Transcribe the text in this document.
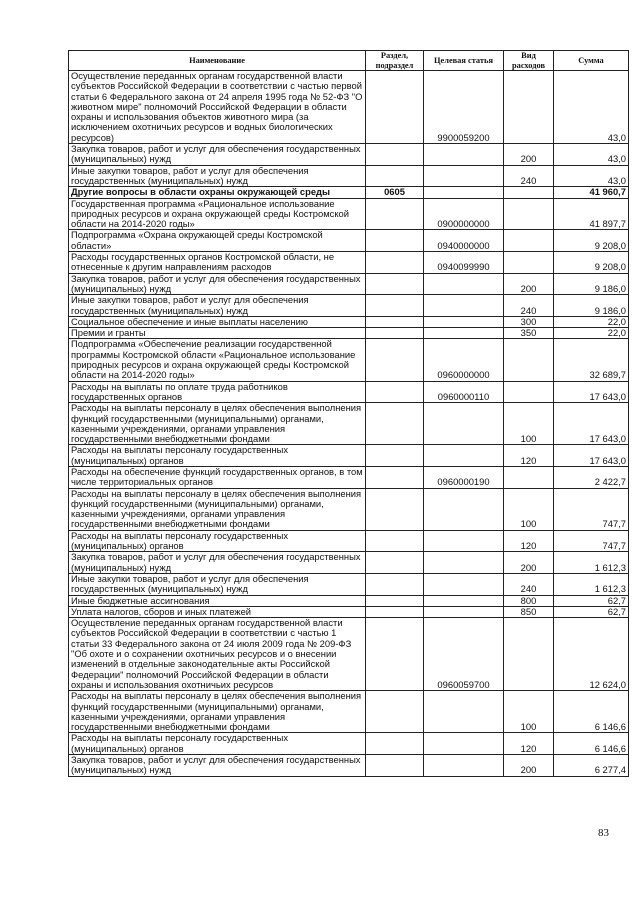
Наименование	Раздел, подраздел	Целевая статья	Вид расходов	Сумма
Осуществление переданных органам государственной власти субъектов Российской Федерации в соответствии с частью первой статьи 6 Федерального закона от 24 апреля 1995 года № 52-ФЗ "О животном мире" полномочий Российской Федерации в области охраны и использования объектов животного мира (за исключением охотничьих ресурсов и водных биологических ресурсов)		9900059200		43,0
Закупка товаров, работ и услуг для обеспечения государственных (муниципальных) нужд			200	43,0
Иные закупки товаров, работ и услуг для обеспечения государственных (муниципальных) нужд			240	43,0
Другие вопросы в области охраны окружающей среды	0605			41 960,7
Государственная программа «Рациональное использование природных ресурсов и охрана окружающей среды Костромской области на 2014-2020 годы»		0900000000		41 897,7
Подпрограмма «Охрана окружающей среды Костромской области»		0940000000		9 208,0
Расходы государственных органов Костромской области, не отнесенные к другим направлениям расходов		0940099990		9 208,0
Закупка товаров, работ и услуг для обеспечения государственных (муниципальных) нужд			200	9 186,0
Иные закупки товаров, работ и услуг для обеспечения государственных (муниципальных) нужд			240	9 186,0
Социальное обеспечение и иные выплаты населению			300	22,0
Премии и гранты			350	22,0
Подпрограмма «Обеспечение реализации государственной программы Костромской области «Рациональное использование природных ресурсов и охрана окружающей среды Костромской области на 2014-2020 годы»		0960000000		32 689,7
Расходы на выплаты по оплате труда работников государственных органов		0960000110		17 643,0
Расходы на выплаты персоналу в целях обеспечения выполнения функций государственными (муниципальными) органами, казенными учреждениями, органами управления государственными внебюджетными фондами			100	17 643,0
Расходы на выплаты персоналу государственных (муниципальных) органов			120	17 643,0
Расходы на обеспечение функций государственных органов, в том числе территориальных органов		0960000190		2 422,7
Расходы на выплаты персоналу в целях обеспечения выполнения функций государственными (муниципальными) органами, казенными учреждениями, органами управления государственными внебюджетными фондами			100	747,7
Расходы на выплаты персоналу государственных (муниципальных) органов			120	747,7
Закупка товаров, работ и услуг для обеспечения государственных (муниципальных) нужд			200	1 612,3
Иные закупки товаров, работ и услуг для обеспечения государственных (муниципальных) нужд			240	1 612,3
Иные бюджетные ассигнования			800	62,7
Уплата налогов, сборов и иных платежей			850	62,7
Осуществление переданных органам государственной власти субъектов Российской Федерации в соответствии с частью 1 статьи 33 Федерального закона от 24 июля 2009 года № 209-ФЗ "Об охоте и о сохранении охотничьих ресурсов и о внесении изменений в отдельные законодательные акты Российской Федерации" полномочий Российской Федерации в области охраны и использования охотничьих ресурсов		0960059700		12 624,0
Расходы на выплаты персоналу в целях обеспечения выполнения функций государственными (муниципальными) органами, казенными учреждениями, органами управления государственными внебюджетными фондами			100	6 146,6
Расходы на выплаты персоналу государственных (муниципальных) органов			120	6 146,6
Закупка товаров, работ и услуг для обеспечения государственных (муниципальных) нужд			200	6 277,4
83
